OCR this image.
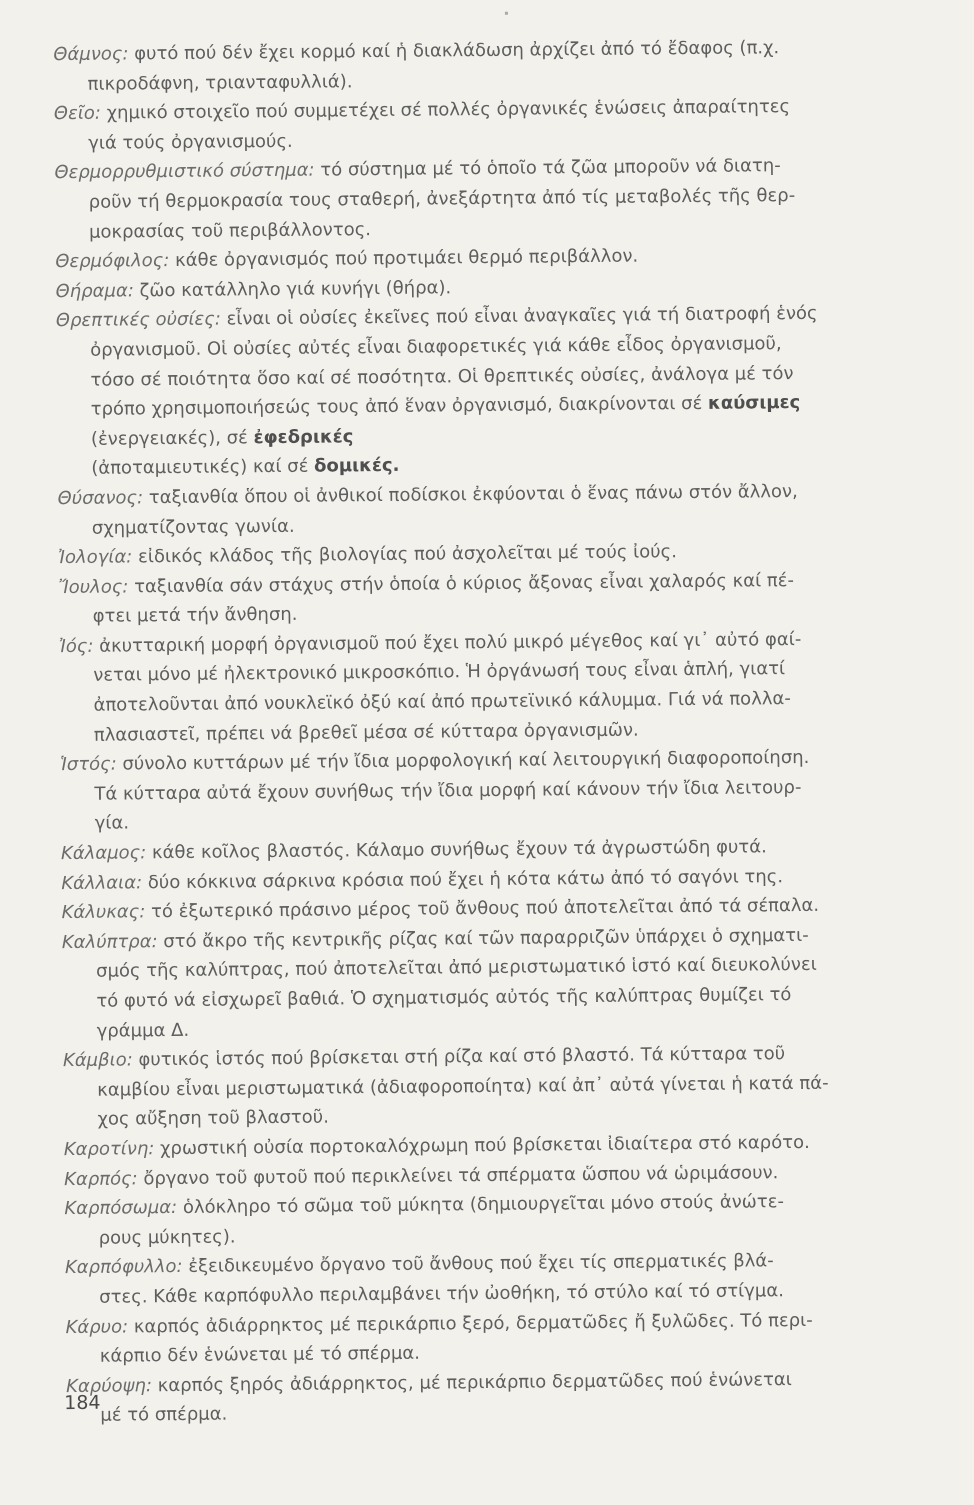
Θάμνος: φυτό πού δέν ἔχει κορμό καί ἡ διακλάδωση ἀρχίζει ἀπό τό ἔδαφος (π.χ.
πικροδάφνη, τριανταφυλλιά).

Θεῖο: χημικό στοιχεῖο πού συμμετέχει σέ πολλές ὀργανικές ἑνώσεις ἀπαραίτητες
γιά τούς ὀργανισμούς.

Θερμορρυθμιστικό σύστημα: τό σύστημα μέ τό ὁποῖο τά ζῶα μποροῦν νά διατη-
ροῦν τή θερμοκρασία τους σταθερή, ἀνεξάρτητα ἀπό τίς μεταβολές τῆς θερ-
μοκρασίας τοῦ περιβάλλοντος.

Θερμόφιλος: κάθε ὀργανισμός πού προτιμάει θερμό περιβάλλον.

Θήραμα: ζῶο κατάλληλο γιά κυνήγι (θήρα).

Θρεπτικές οὐσίες: εἶναι οἱ οὐσίες ἐκεῖνες πού εἶναι ἀναγκαῖες γιά τή διατροφή ἑνός
ὀργανισμοῦ. Οἱ οὐσίες αὐτές εἶναι διαφορετικές γιά κάθε εἶδος ὀργανισμοῦ,
τόσο σέ ποιότητα ὅσο καί σέ ποσότητα. Οἱ θρεπτικές οὐσίες, ἀνάλογα μέ τόν
τρόπο χρησιμοποιήσεώς τους ἀπό ἕναν ὀργανισμό, διακρίνονται σέ καύσιμες
(ἐνεργειακές), σέ ἐφεδρικές
(ἀποταμιευτικές) καί σέ δομικές.

Θύσανος: ταξιανθία ὅπου οἱ ἀνθικοί ποδίσκοι ἐκφύονται ὁ ἕνας πάνω στόν ἄλλον,
σχηματίζοντας γωνία.

Ἰολογία: εἰδικός κλάδος τῆς βιολογίας πού ἀσχολεῖται μέ τούς ἰούς.

Ἴουλος: ταξιανθία σάν στάχυς στήν ὁποία ὁ κύριος ἄξονας εἶναι χαλαρός καί πέ-
φτει μετά τήν ἄνθηση.

Ἰός: ἀκυτταρική μορφή ὀργανισμοῦ πού ἔχει πολύ μικρό μέγεθος καί γι᾽ αὐτό φαί-
νεται μόνο μέ ἠλεκτρονικό μικροσκόπιο. Ἡ ὀργάνωσή τους εἶναι ἁπλή, γιατί
ἀποτελοῦνται ἀπό νουκλεϊκό ὀξύ καί ἀπό πρωτεϊνικό κάλυμμα. Γιά νά πολλα-
πλασιαστεῖ, πρέπει νά βρεθεῖ μέσα σέ κύτταρα ὀργανισμῶν.

Ἱστός: σύνολο κυττάρων μέ τήν ἴδια μορφολογική καί λειτουργική διαφοροποίηση.
Τά κύτταρα αὐτά ἔχουν συνήθως τήν ἴδια μορφή καί κάνουν τήν ἴδια λειτουρ-
γία.

Κάλαμος: κάθε κοῖλος βλαστός. Κάλαμο συνήθως ἔχουν τά ἀγρωστώδη φυτά.

Κάλλαια: δύο κόκκινα σάρκινα κρόσια πού ἔχει ἡ κότα κάτω ἀπό τό σαγόνι της.

Κάλυκας: τό ἐξωτερικό πράσινο μέρος τοῦ ἄνθους πού ἀποτελεῖται ἀπό τά σέπαλα.

Καλύπτρα: στό ἄκρο τῆς κεντρικῆς ρίζας καί τῶν παραρριζῶν ὑπάρχει ὁ σχηματι-
σμός τῆς καλύπτρας, πού ἀποτελεῖται ἀπό μεριστωματικό ἱστό καί διευκολύνει
τό φυτό νά εἰσχωρεῖ βαθιά. Ὁ σχηματισμός αὐτός τῆς καλύπτρας θυμίζει τό
γράμμα Δ.

Κάμβιο: φυτικός ἱστός πού βρίσκεται στή ρίζα καί στό βλαστό. Τά κύτταρα τοῦ
καμβίου εἶναι μεριστωματικά (ἀδιαφοροποίητα) καί ἀπ᾽ αὐτά γίνεται ἡ κατά πά-
χος αὔξηση τοῦ βλαστοῦ.

Καροτίνη: χρωστική οὐσία πορτοκαλόχρωμη πού βρίσκεται ἰδιαίτερα στό καρότο.

Καρπός: ὄργανο τοῦ φυτοῦ πού περικλείνει τά σπέρματα ὥσπου νά ὡριμάσουν.

Καρπόσωμα: ὁλόκληρο τό σῶμα τοῦ μύκητα (δημιουργεῖται μόνο στούς ἀνώτε-
ρους μύκητες).

Καρπόφυλλο: ἐξειδικευμένο ὄργανο τοῦ ἄνθους πού ἔχει τίς σπερματικές βλά-
στες. Κάθε καρπόφυλλο περιλαμβάνει τήν ὠοθήκη, τό στύλο καί τό στίγμα.

Κάρυο: καρπός ἀδιάρρηκτος μέ περικάρπιο ξερό, δερματῶδες ἤ ξυλῶδες. Τό περι-
κάρπιο δέν ἑνώνεται μέ τό σπέρμα.

Καρύοψη: καρπός ξηρός ἀδιάρρηκτος, μέ περικάρπιο δερματῶδες πού ἑνώνεται
μέ τό σπέρμα.

184
